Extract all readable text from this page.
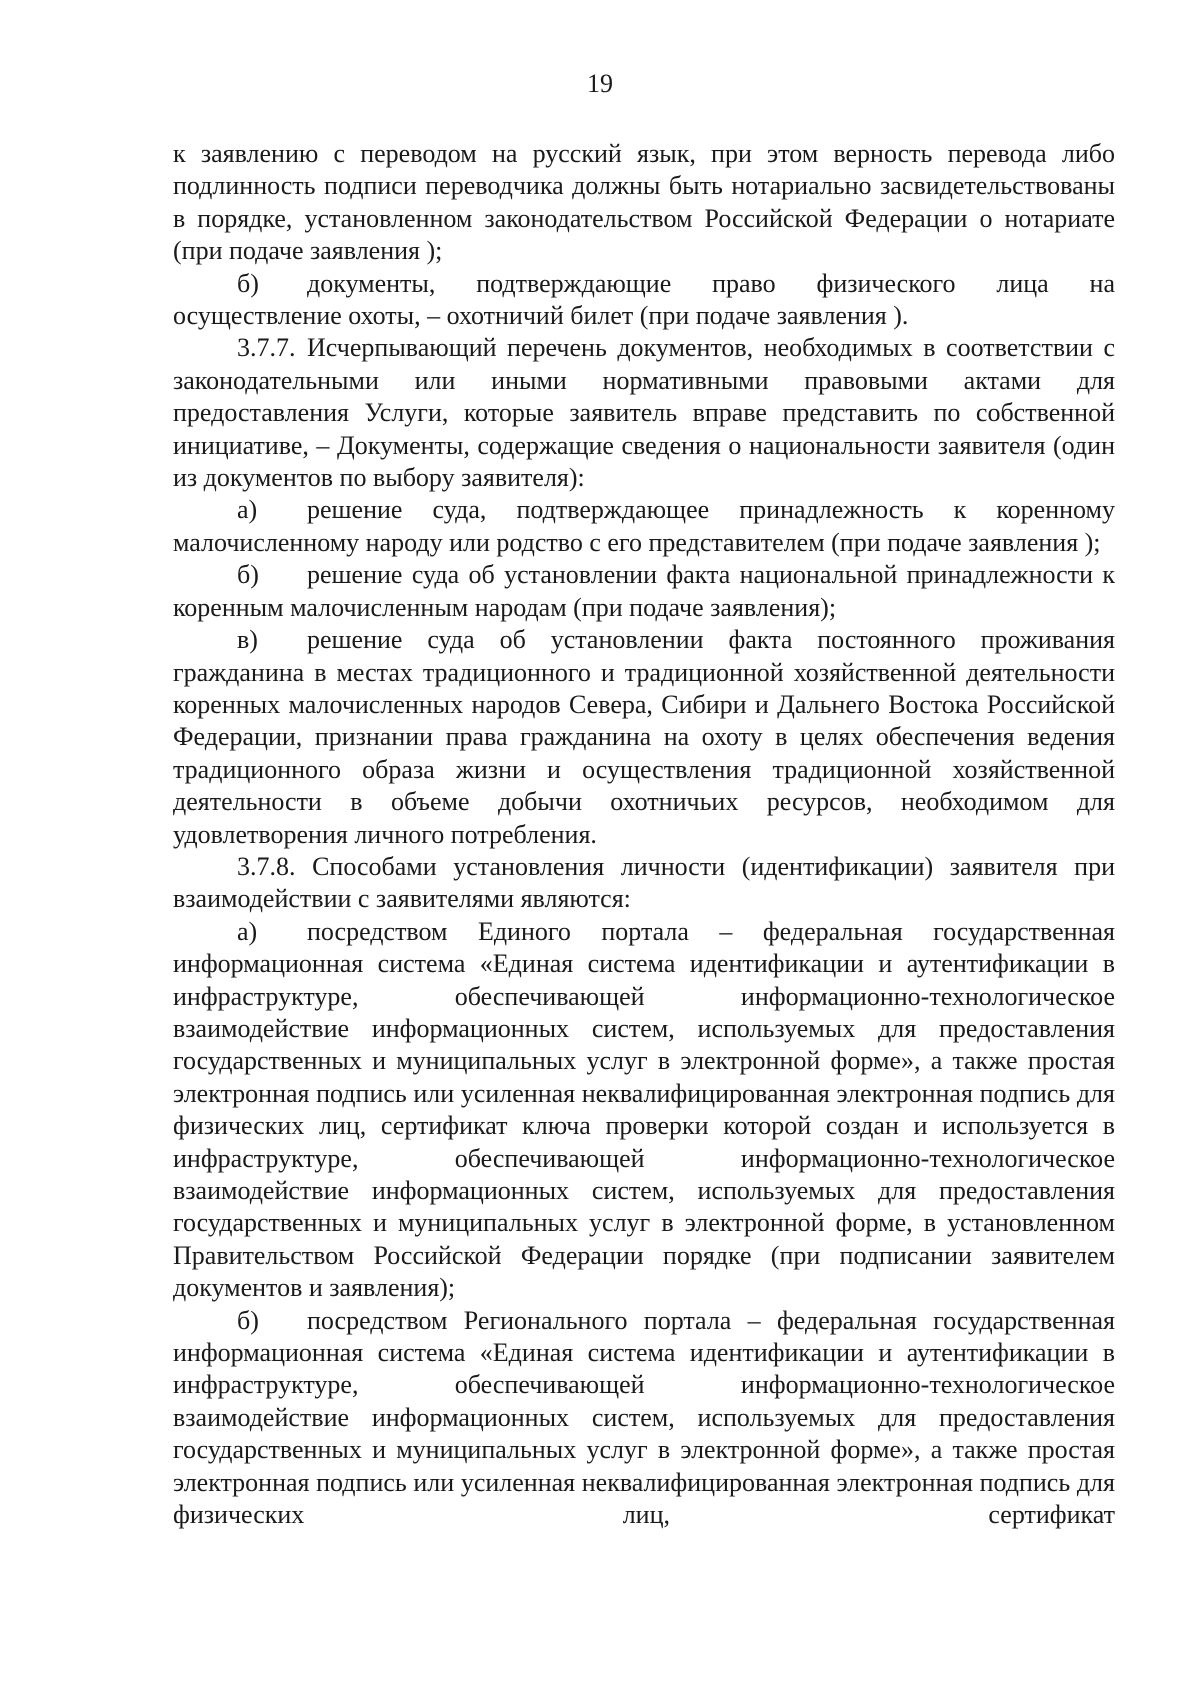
19

к заявлению с переводом на русский язык, при этом верность перевода либо подлинность подписи переводчика должны быть нотариально засвидетельствованы в порядке, установленном законодательством Российской Федерации о нотариате (при подаче заявления );

б) документы, подтверждающие право физического лица на осуществление охоты, – охотничий билет (при подаче заявления ).

3.7.7. Исчерпывающий перечень документов, необходимых в соответствии с законодательными или иными нормативными правовыми актами для предоставления Услуги, которые заявитель вправе представить по собственной инициативе, – Документы, содержащие сведения о национальности заявителя (один из документов по выбору заявителя):

а) решение суда, подтверждающее принадлежность к коренному малочисленному народу или родство с его представителем (при подаче заявления );

б) решение суда об установлении факта национальной принадлежности к коренным малочисленным народам (при подаче заявления);

в) решение суда об установлении факта постоянного проживания гражданина в местах традиционного и традиционной хозяйственной деятельности коренных малочисленных народов Севера, Сибири и Дальнего Востока Российской Федерации, признании права гражданина на охоту в целях обеспечения ведения традиционного образа жизни и осуществления традиционной хозяйственной деятельности в объеме добычи охотничьих ресурсов, необходимом для удовлетворения личного потребления.

3.7.8. Способами установления личности (идентификации) заявителя при взаимодействии с заявителями являются:

а) посредством Единого портала – федеральная государственная информационная система «Единая система идентификации и аутентификации в инфраструктуре, обеспечивающей информационно-технологическое взаимодействие информационных систем, используемых для предоставления государственных и муниципальных услуг в электронной форме», а также простая электронная подпись или усиленная неквалифицированная электронная подпись для физических лиц, сертификат ключа проверки которой создан и используется в инфраструктуре, обеспечивающей информационно-технологическое взаимодействие информационных систем, используемых для предоставления государственных и муниципальных услуг в электронной форме, в установленном Правительством Российской Федерации порядке (при подписании заявителем документов и заявления);

б) посредством Регионального портала – федеральная государственная информационная система «Единая система идентификации и аутентификации в инфраструктуре, обеспечивающей информационно-технологическое взаимодействие информационных систем, используемых для предоставления государственных и муниципальных услуг в электронной форме», а также простая электронная подпись или усиленная неквалифицированная электронная подпись для физических лиц, сертификат
